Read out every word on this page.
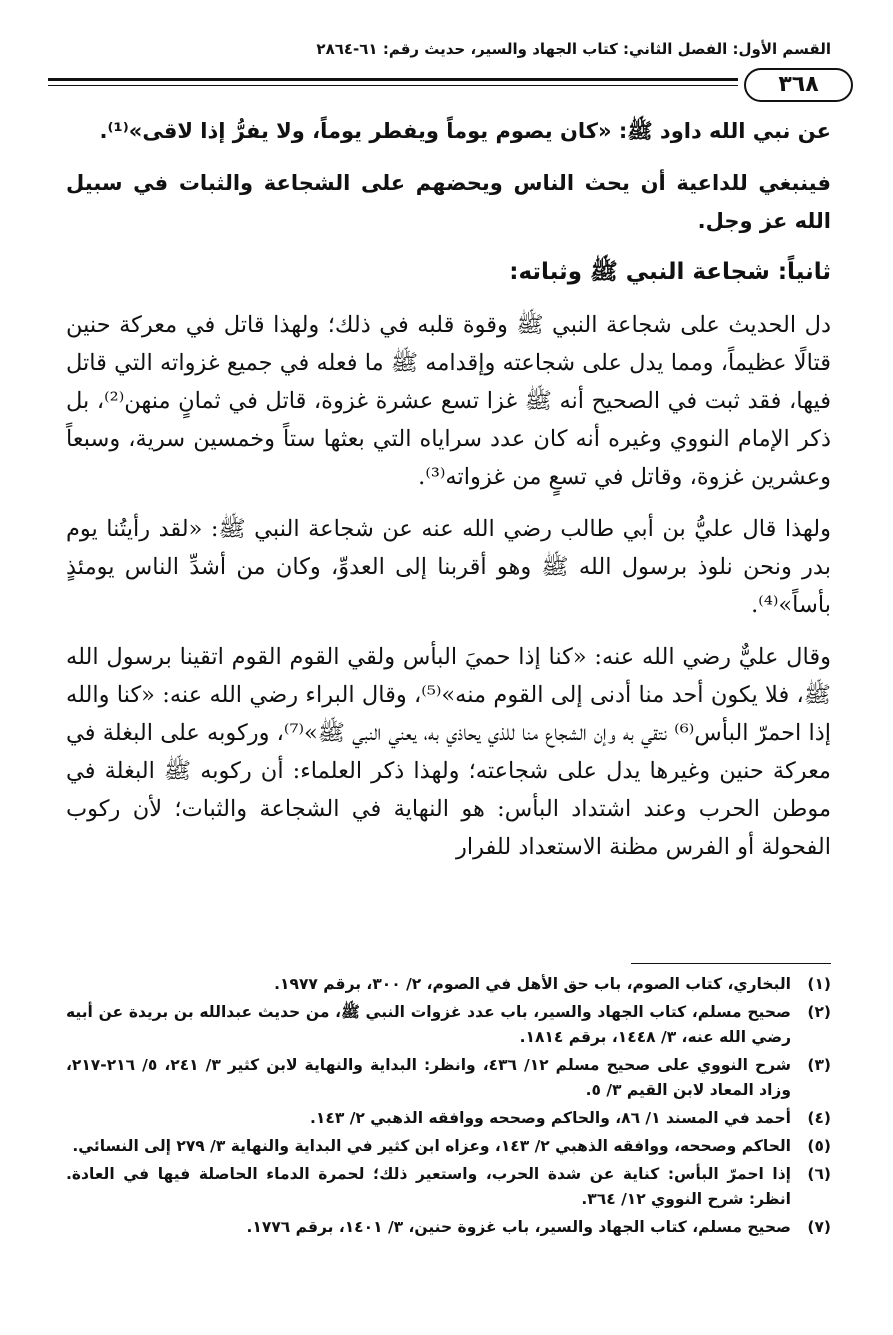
القسم الأول: الفصل الثاني: كتاب الجهاد والسير، حديث رقم: ٦١-٢٨٦٤
٣٦٨

عن نبي الله داود ﷺ: «كان يصوم يوماً ويفطر يوماً، ولا يفرُّ إذا لاقى»⁽¹⁾.

فينبغي للداعية أن يحث الناس ويحضهم على الشجاعة والثبات في سبيل الله عز وجل.

ثانياً: شجاعة النبي ﷺ وثباته:

دل الحديث على شجاعة النبي ﷺ وقوة قلبه في ذلك؛ ولهذا قاتل في معركة حنين قتالًا عظيماً، ومما يدل على شجاعته وإقدامه ﷺ ما فعله في جميع غزواته التي قاتل فيها، فقد ثبت في الصحيح أنه ﷺ غزا تسع عشرة غزوة، قاتل في ثمانٍ منهن⁽²⁾، بل ذكر الإمام النووي وغيره أنه كان عدد سراياه التي بعثها ستاً وخمسين سرية، وسبعاً وعشرين غزوة، وقاتل في تسعٍ من غزواته⁽³⁾.

ولهذا قال عليُّ بن أبي طالب رضي الله عنه عن شجاعة النبي ﷺ: «لقد رأيتُنا يوم بدر ونحن نلوذ برسول الله ﷺ وهو أقربنا إلى العدوِّ، وكان من أشدِّ الناس يومئذٍ بأساً»⁽⁴⁾.

وقال عليٌّ رضي الله عنه: «كنا إذا حميَ البأس ولقي القوم القوم اتقينا برسول الله ﷺ، فلا يكون أحد منا أدنى إلى القوم منه»⁽⁵⁾، وقال البراء رضي الله عنه: «كنا والله إذا احمرّ البأس⁽⁶⁾ نتقي به وإن الشجاع منا للذي يحاذي به، يعني النبي ﷺ»⁽⁷⁾، وركوبه على البغلة في معركة حنين وغيرها يدل على شجاعته؛ ولهذا ذكر العلماء: أن ركوبه ﷺ البغلة في موطن الحرب وعند اشتداد البأس: هو النهاية في الشجاعة والثبات؛ لأن ركوب الفحولة أو الفرس مظنة الاستعداد للفرار

(١)
البخاري، كتاب الصوم، باب حق الأهل في الصوم، ٢/ ٣٠٠، برقم ١٩٧٧.
(٢)
صحيح مسلم، كتاب الجهاد والسير، باب عدد غزوات النبي ﷺ، من حديث عبدالله بن بريدة عن أبيه رضي الله عنه، ٣/ ١٤٤٨، برقم ١٨١٤.
(٣)
شرح النووي على صحيح مسلم ١٢/ ٤٣٦، وانظر: البداية والنهاية لابن كثير ٣/ ٢٤١، ٥/ ٢١٦-٢١٧، وزاد المعاد لابن القيم ٣/ ٥.
(٤)
أحمد في المسند ١/ ٨٦، والحاكم وصححه ووافقه الذهبي ٢/ ١٤٣.
(٥)
الحاكم وصححه، ووافقه الذهبي ٢/ ١٤٣، وعزاه ابن كثير في البداية والنهاية ٣/ ٢٧٩ إلى النسائي.
(٦)
إذا احمرّ البأس: كناية عن شدة الحرب، واستعير ذلك؛ لحمرة الدماء الحاصلة فيها في العادة. انظر: شرح النووي ١٢/ ٣٦٤.
(٧)
صحيح مسلم، كتاب الجهاد والسير، باب غزوة حنين، ٣/ ١٤٠١، برقم ١٧٧٦.
